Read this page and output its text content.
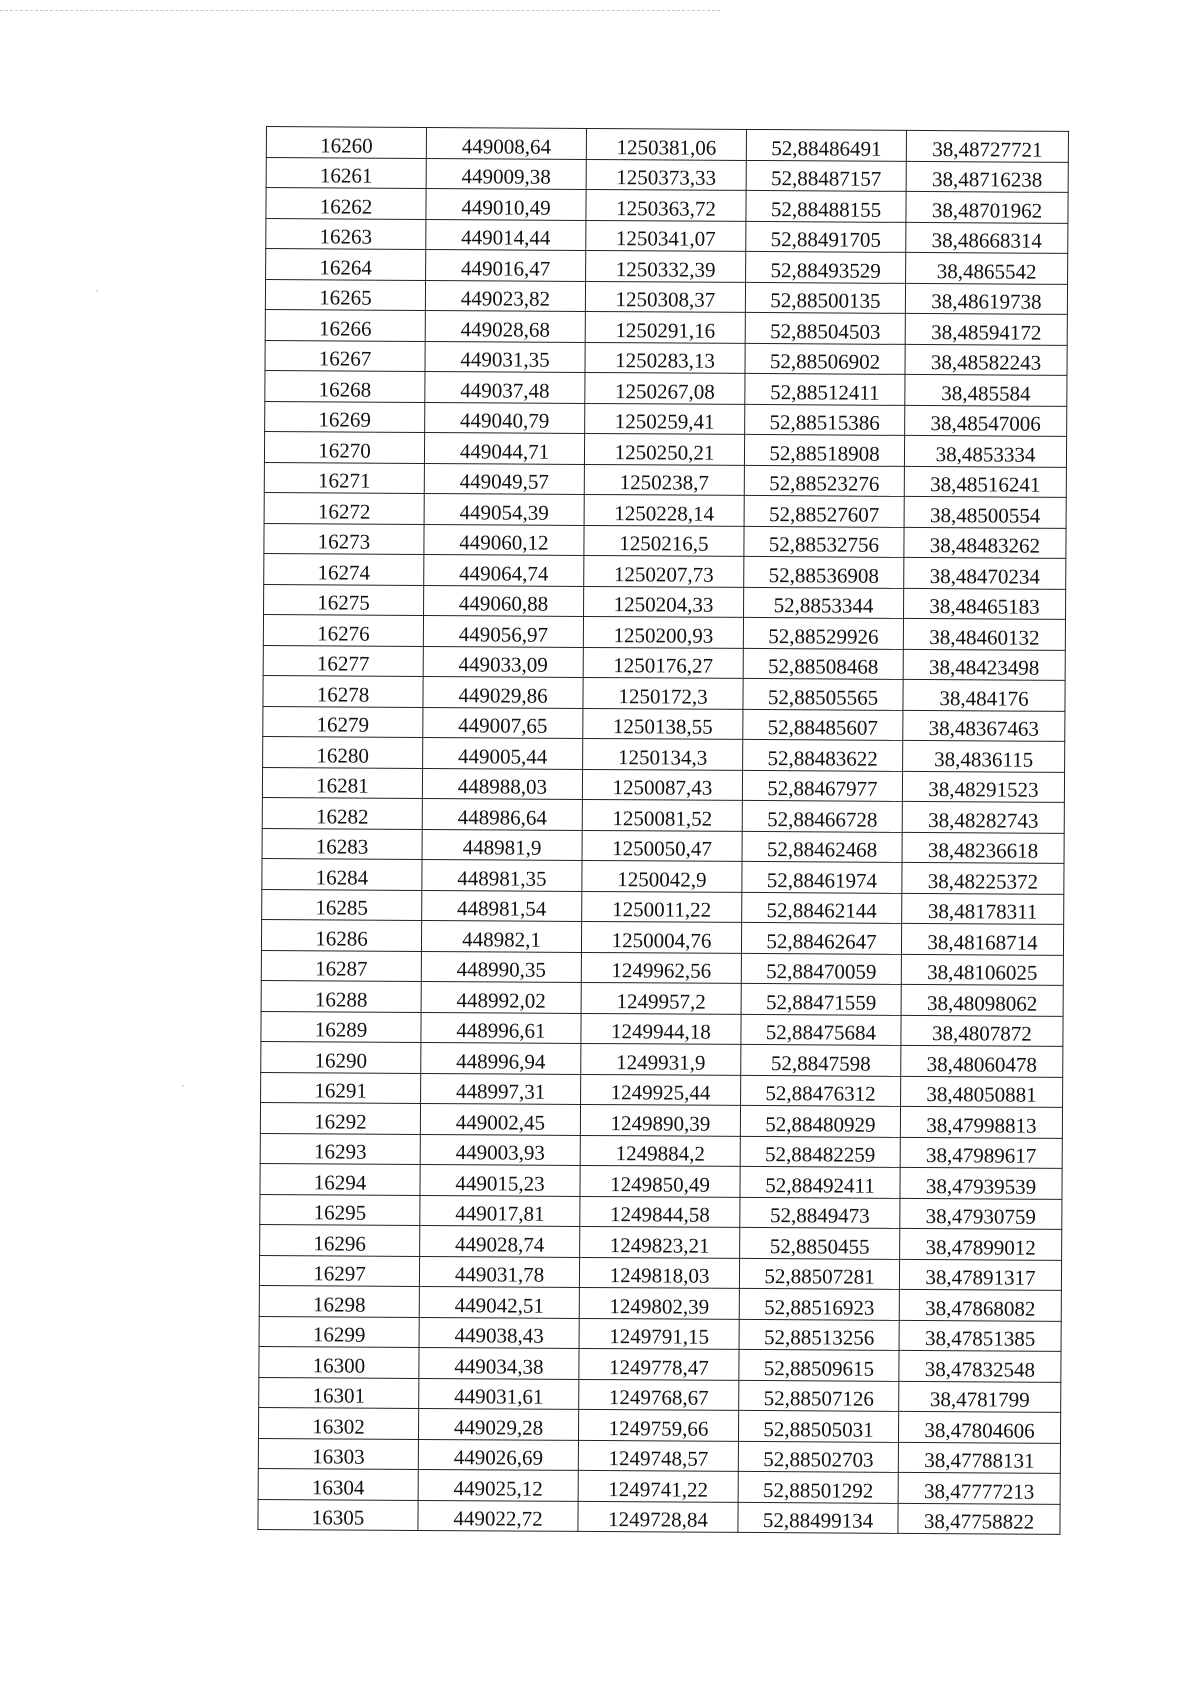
16260	449008,64	1250381,06	52,88486491	38,48727721
16261	449009,38	1250373,33	52,88487157	38,48716238
16262	449010,49	1250363,72	52,88488155	38,48701962
16263	449014,44	1250341,07	52,88491705	38,48668314
16264	449016,47	1250332,39	52,88493529	38,4865542
16265	449023,82	1250308,37	52,88500135	38,48619738
16266	449028,68	1250291,16	52,88504503	38,48594172
16267	449031,35	1250283,13	52,88506902	38,48582243
16268	449037,48	1250267,08	52,88512411	38,485584
16269	449040,79	1250259,41	52,88515386	38,48547006
16270	449044,71	1250250,21	52,88518908	38,4853334
16271	449049,57	1250238,7	52,88523276	38,48516241
16272	449054,39	1250228,14	52,88527607	38,48500554
16273	449060,12	1250216,5	52,88532756	38,48483262
16274	449064,74	1250207,73	52,88536908	38,48470234
16275	449060,88	1250204,33	52,8853344	38,48465183
16276	449056,97	1250200,93	52,88529926	38,48460132
16277	449033,09	1250176,27	52,88508468	38,48423498
16278	449029,86	1250172,3	52,88505565	38,484176
16279	449007,65	1250138,55	52,88485607	38,48367463
16280	449005,44	1250134,3	52,88483622	38,4836115
16281	448988,03	1250087,43	52,88467977	38,48291523
16282	448986,64	1250081,52	52,88466728	38,48282743
16283	448981,9	1250050,47	52,88462468	38,48236618
16284	448981,35	1250042,9	52,88461974	38,48225372
16285	448981,54	1250011,22	52,88462144	38,48178311
16286	448982,1	1250004,76	52,88462647	38,48168714
16287	448990,35	1249962,56	52,88470059	38,48106025
16288	448992,02	1249957,2	52,88471559	38,48098062
16289	448996,61	1249944,18	52,88475684	38,4807872
16290	448996,94	1249931,9	52,8847598	38,48060478
16291	448997,31	1249925,44	52,88476312	38,48050881
16292	449002,45	1249890,39	52,88480929	38,47998813
16293	449003,93	1249884,2	52,88482259	38,47989617
16294	449015,23	1249850,49	52,88492411	38,47939539
16295	449017,81	1249844,58	52,8849473	38,47930759
16296	449028,74	1249823,21	52,8850455	38,47899012
16297	449031,78	1249818,03	52,88507281	38,47891317
16298	449042,51	1249802,39	52,88516923	38,47868082
16299	449038,43	1249791,15	52,88513256	38,47851385
16300	449034,38	1249778,47	52,88509615	38,47832548
16301	449031,61	1249768,67	52,88507126	38,4781799
16302	449029,28	1249759,66	52,88505031	38,47804606
16303	449026,69	1249748,57	52,88502703	38,47788131
16304	449025,12	1249741,22	52,88501292	38,47777213
16305	449022,72	1249728,84	52,88499134	38,47758822
